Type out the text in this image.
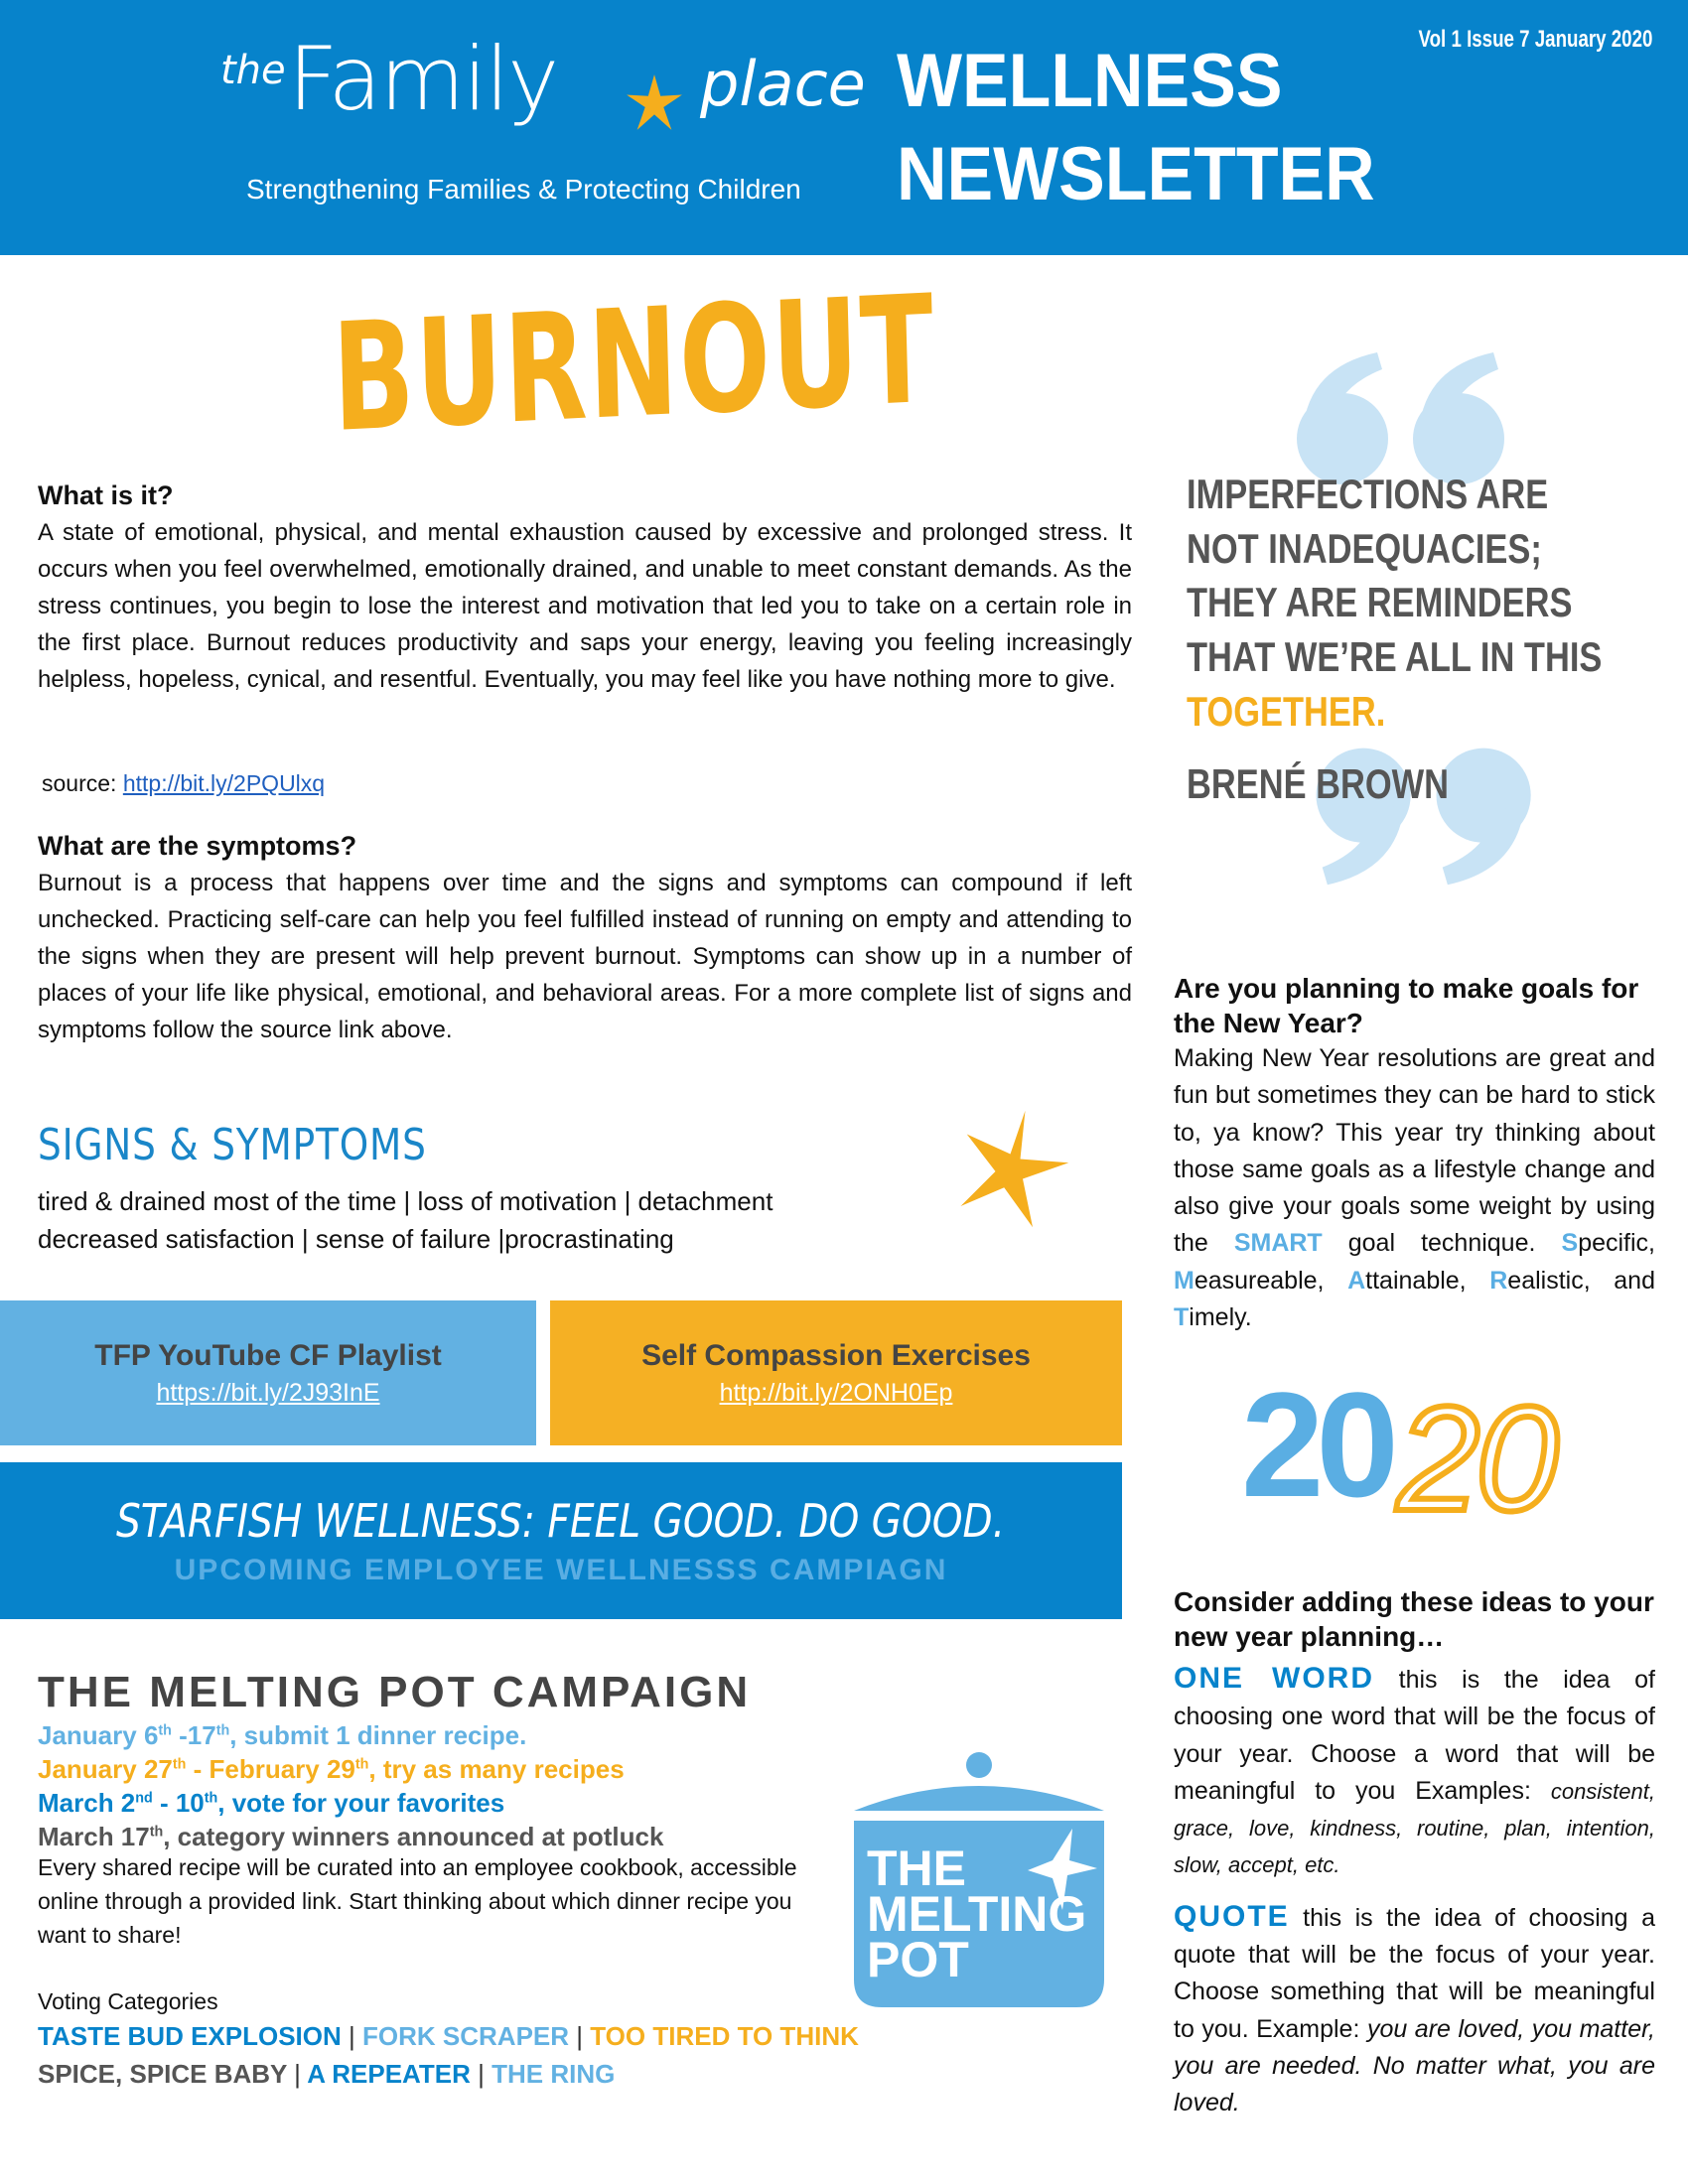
the Family place
Strengthening Families & Protecting Children
WELLNESS
NEWSLETTER
Vol 1 Issue 7 January 2020
BURNOUT
What is it?

A state of emotional, physical, and mental exhaustion caused by excessive and prolonged stress. It occurs when you feel overwhelmed, emotionally drained, and unable to meet constant demands. As the stress continues, you begin to lose the interest and motivation that led you to take on a certain role in the first place. Burnout reduces productivity and saps your energy, leaving you feeling increasingly helpless, hopeless, cynical, and resentful. Eventually, you may feel like you have nothing more to give.

source: http://bit.ly/2PQUlxq
What are the symptoms?

Burnout is a process that happens over time and the signs and symptoms can compound if left unchecked. Practicing self-care can help you feel fulfilled instead of running on empty and attending to the signs when they are present will help prevent burnout. Symptoms can show up in a number of places of your life like physical, emotional, and behavioral areas. For a more complete list of signs and symptoms follow the source link above.

SIGNS & SYMPTOMS
tired & drained most of the time | loss of motivation | detachment
decreased satisfaction | sense of failure |procrastinating
TFP YouTube CF Playlist
https://bit.ly/2J93InE
Self Compassion Exercises
http://bit.ly/2ONH0Ep
STARFISH WELLNESS: FEEL GOOD. DO GOOD.
UPCOMING EMPLOYEE WELLNESSS CAMPIAGN
THE MELTING POT CAMPAIGN
January 6th -17th, submit 1 dinner recipe.
January 27th - February 29th, try as many recipes
March 2nd - 10th, vote for your favorites
March 17th, category winners announced at potluck

Every shared recipe will be curated into an employee cookbook, accessible online through a provided link. Start thinking about which dinner recipe you want to share!

Voting Categories
TASTE BUD EXPLOSION | FORK SCRAPER | TOO TIRED TO THINK
SPICE, SPICE BABY | A REPEATER | THE RING
THE
MELTING
POT
IMPERFECTIONS ARE
NOT INADEQUACIES;
THEY ARE REMINDERS
THAT WE’RE ALL IN THIS
TOGETHER.
BRENÉ BROWN
Are you planning to make goals for the New Year?

Making New Year resolutions are great and fun but sometimes they can be hard to stick to, ya know? This year try thinking about those same goals as a lifestyle change and also give your goals some weight by using the SMART goal technique. Specific, Measureable, Attainable, Realistic, and Timely.

20 20
Consider adding these ideas to your new year planning…

ONE WORD this is the idea of choosing one word that will be the focus of your year. Choose a word that will be meaningful to you Examples: consistent, grace, love, kindness, routine, plan, intention, slow, accept, etc.

QUOTE this is the idea of choosing a quote that will be the focus of your year. Choose something that will be meaningful to you. Example: you are loved, you matter, you are needed. No matter what, you are loved.
